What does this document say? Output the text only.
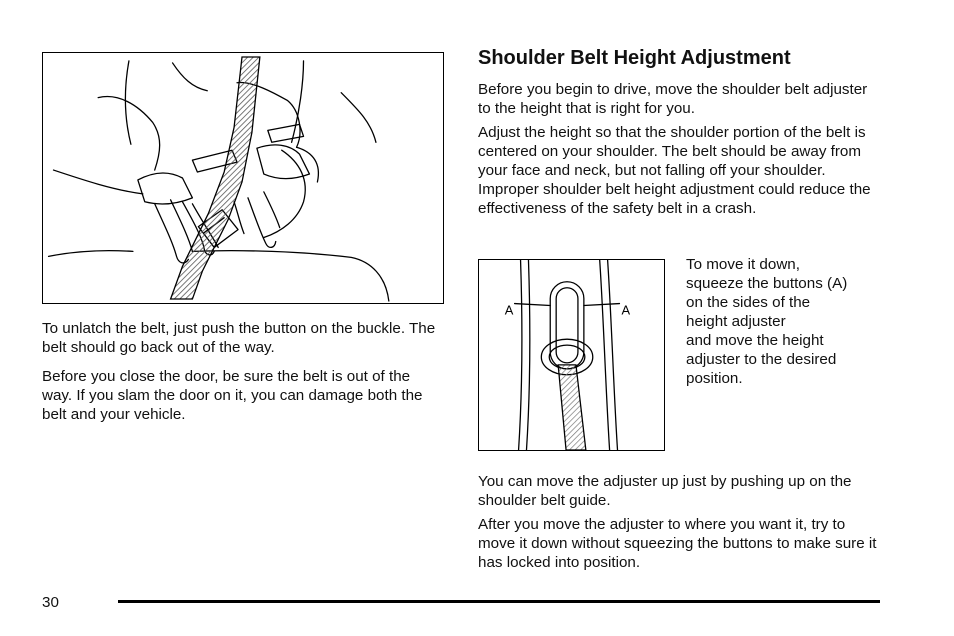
To unlatch the belt, just push the button on the buckle. The belt should go back out of the way.

Before you close the door, be sure the belt is out of the way. If you slam the door on it, you can damage both the belt and your vehicle.

Shoulder Belt Height Adjustment

Before you begin to drive, move the shoulder belt adjuster to the height that is right for you.

Adjust the height so that the shoulder portion of the belt is centered on your shoulder. The belt should be away from your face and neck, but not falling off your shoulder. Improper shoulder belt height adjustment could reduce the effectiveness of the safety belt in a crash.

A	A

To move it down,
squeeze the buttons (A)
on the sides of the
height adjuster
and move the height
adjuster to the desired
position.

You can move the adjuster up just by pushing up on the shoulder belt guide.

After you move the adjuster to where you want it, try to move it down without squeezing the buttons to make sure it has locked into position.

30
